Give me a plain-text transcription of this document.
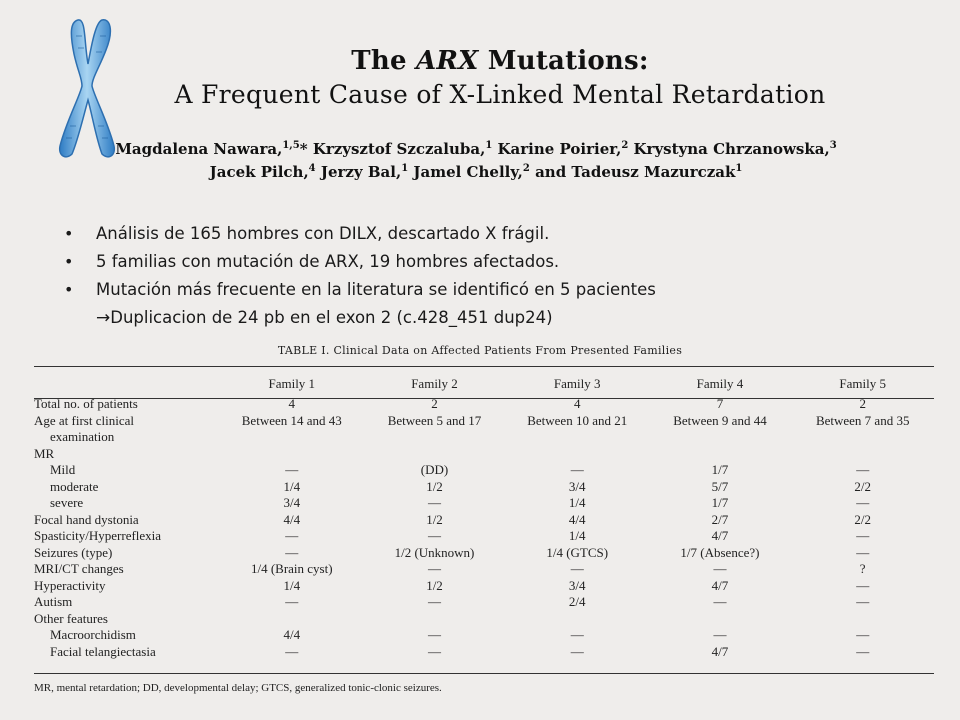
The ARX Mutations:
A Frequent Cause of X-Linked Mental Retardation
Magdalena Nawara,$^{1,5}$* Krzysztof Szczaluba,$^1$ Karine Poirier,$^2$ Krystyna Chrzanowska,$^3$
Jacek Pilch,$^4$ Jerzy Bal,$^1$ Jamel Chelly,$^2$ and Tadeusz Mazurczak$^1$
• Análisis de 165 hombres con DILX, descartado X frágil.
• 5 familias con mutación de ARX, 19 hombres afectados.
• Mutación más frecuente en la literatura se identificó en 5 pacientes
→Duplicacion de 24 pb en el exon 2 (c.428_451 dup24)
TABLE I. Clinical Data on Affected Patients From Presented Families
	Family 1	Family 2	Family 3	Family 4	Family 5
Total no. of patients	4	2	4	7	2
Age at first clinical	Between 14 and 43	Between 5 and 17	Between 10 and 21	Between 9 and 44	Between 7 and 35
examination					
MR					
Mild	—	(DD)	—	1/7	—
moderate	1/4	1/2	3/4	5/7	2/2
severe	3/4	—	1/4	1/7	—
Focal hand dystonia	4/4	1/2	4/4	2/7	2/2
Spasticity/Hyperreflexia	—	—	1/4	4/7	—
Seizures (type)	—	1/2 (Unknown)	1/4 (GTCS)	1/7 (Absence?)	—
MRI/CT changes	1/4 (Brain cyst)	—	—	—	?
Hyperactivity	1/4	1/2	3/4	4/7	—
Autism	—	—	2/4	—	—
Other features					
Macroorchidism	4/4	—	—	—	—
Facial telangiectasia	—	—	—	4/7	—
MR, mental retardation; DD, developmental delay; GTCS, generalized tonic-clonic seizures.
